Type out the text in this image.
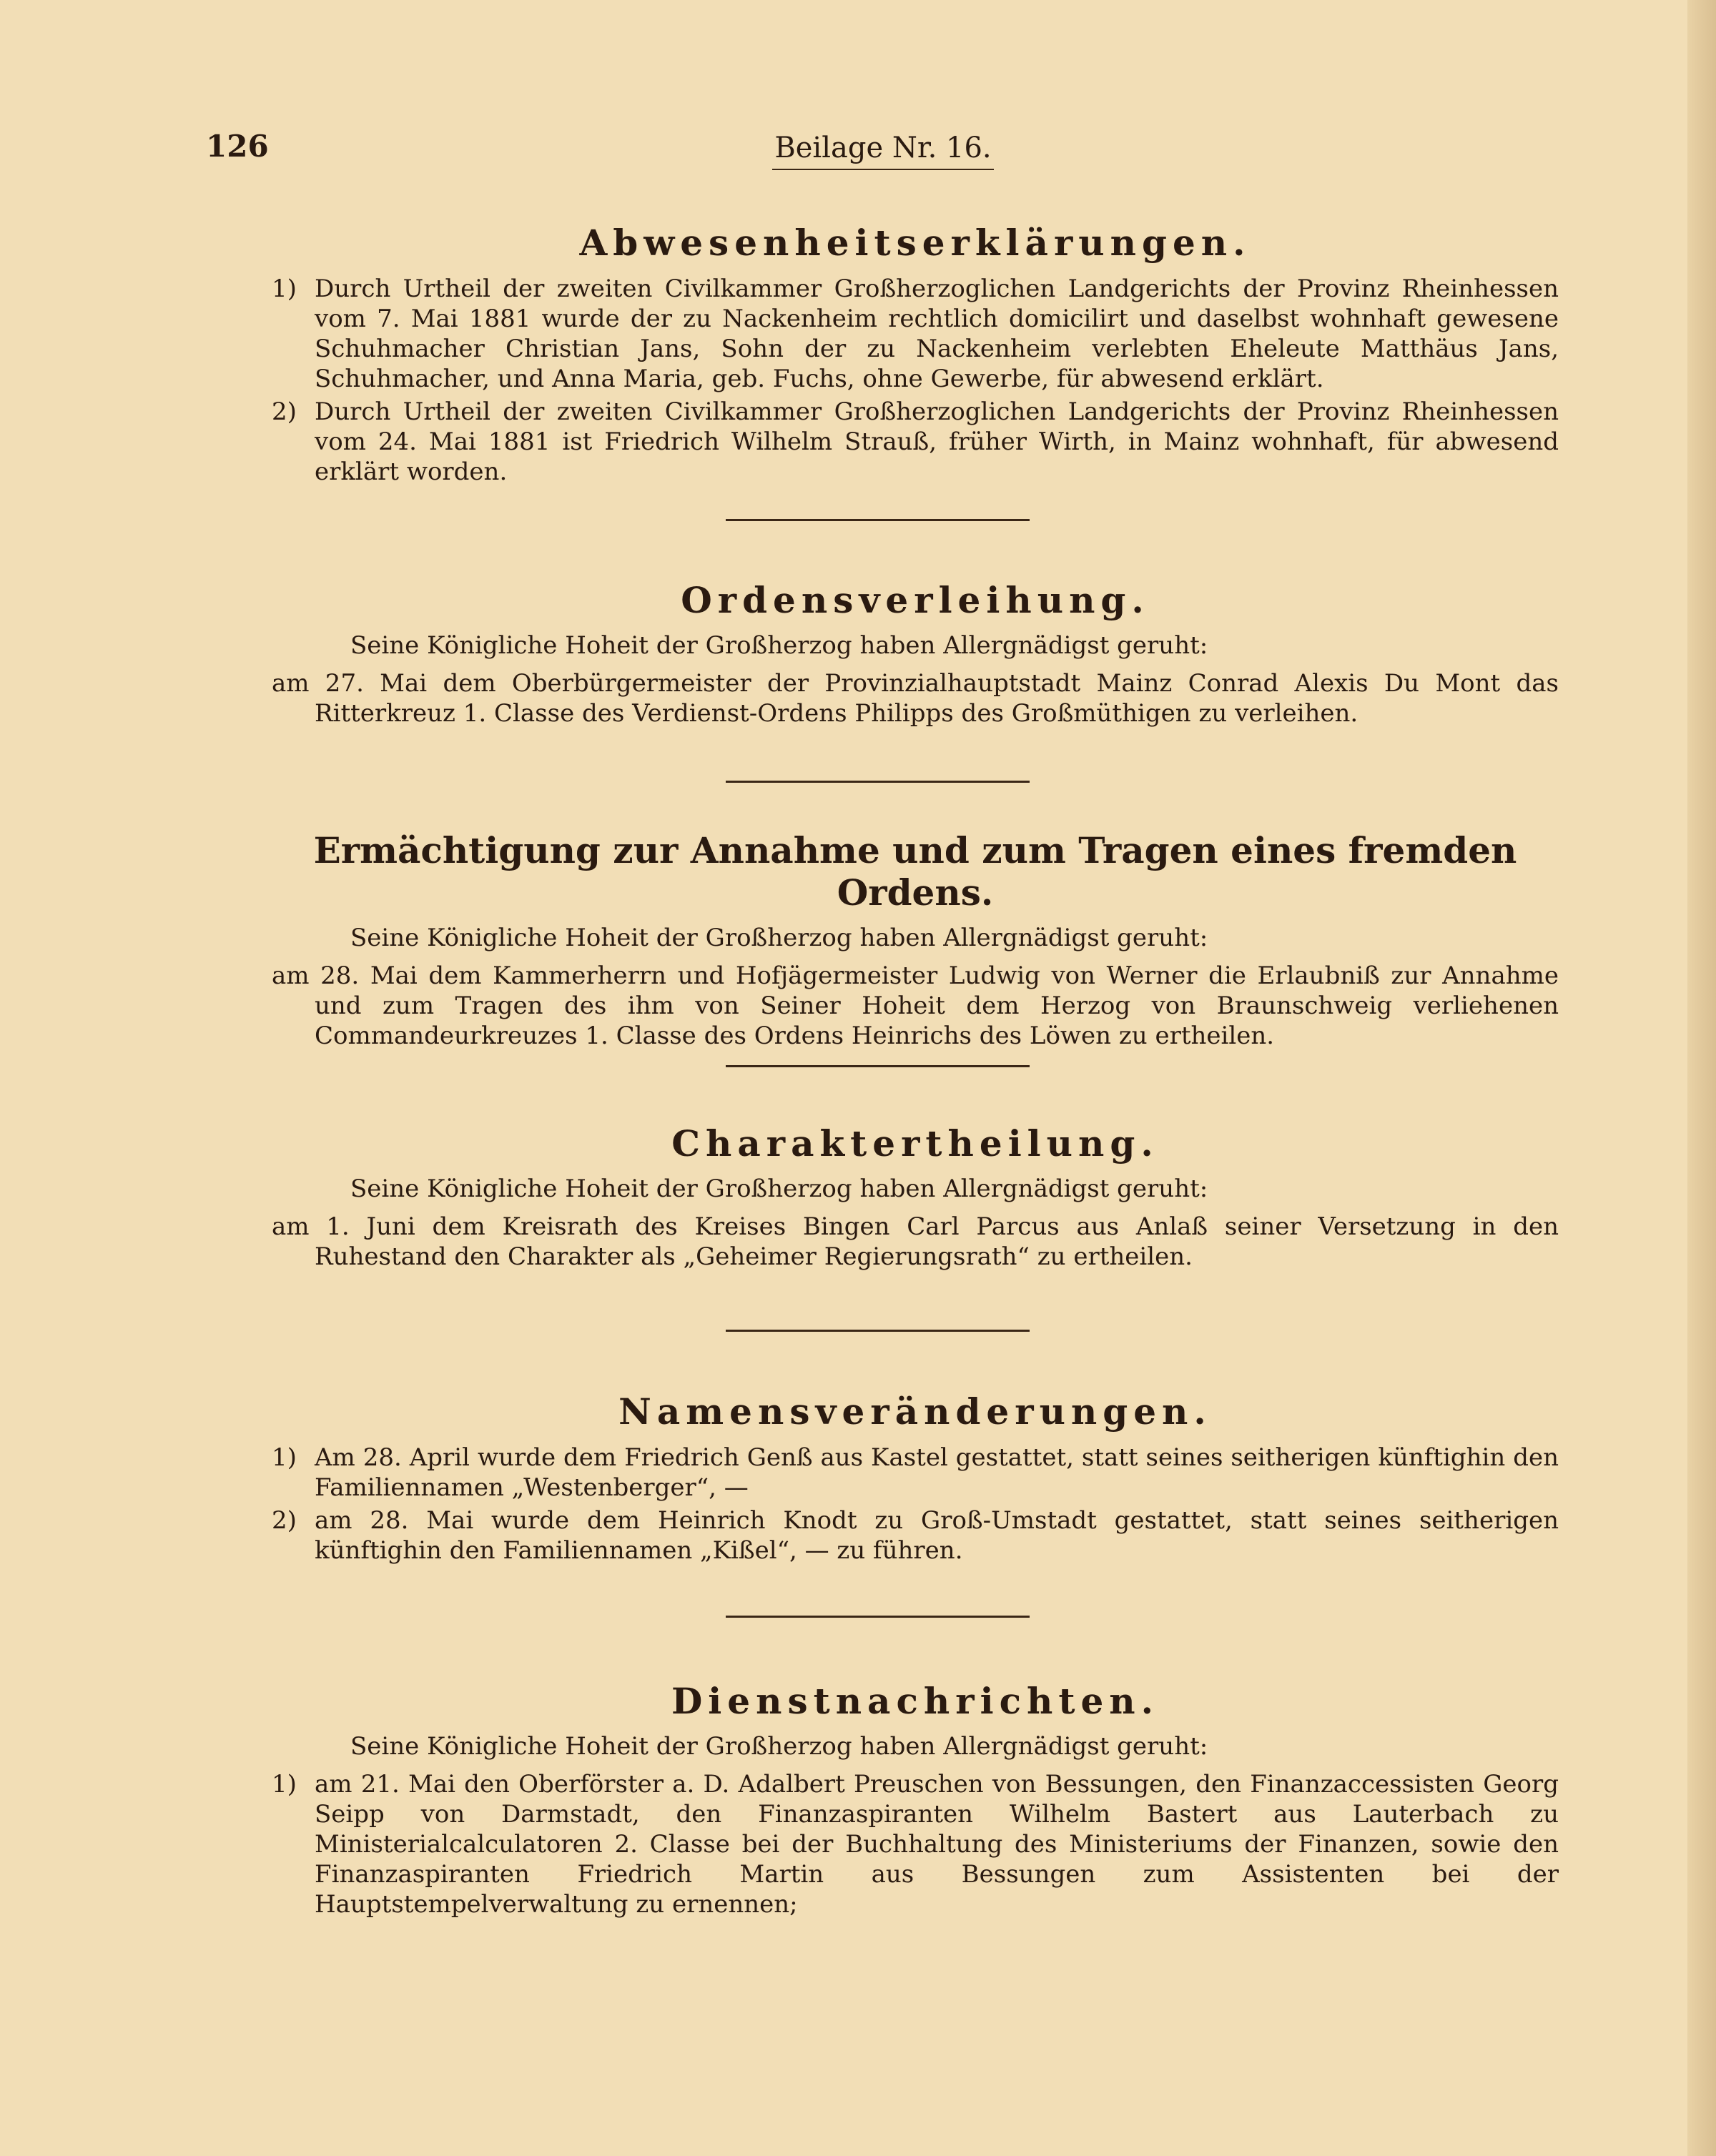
126	Beilage Nr. 16.
Abwesenheitserklärungen.
1) Durch Urtheil der zweiten Civilkammer Großherzoglichen Landgerichts der Provinz Rheinhessen vom 7. Mai 1881 wurde der zu Nackenheim rechtlich domicilirt und daselbst wohnhaft gewesene Schuhmacher Christian Jans, Sohn der zu Nackenheim verlebten Eheleute Matthäus Jans, Schuhmacher, und Anna Maria, geb. Fuchs, ohne Gewerbe, für abwesend erklärt.
2) Durch Urtheil der zweiten Civilkammer Großherzoglichen Landgerichts der Provinz Rheinhessen vom 24. Mai 1881 ist Friedrich Wilhelm Strauß, früher Wirth, in Mainz wohnhaft, für abwesend erklärt worden.
Ordensverleihung.
Seine Königliche Hoheit der Großherzog haben Allergnädigst geruht:
am 27. Mai dem Oberbürgermeister der Provinzialhauptstadt Mainz Conrad Alexis Du Mont das Ritterkreuz 1. Classe des Verdienst-Ordens Philipps des Großmüthigen zu verleihen.
Ermächtigung zur Annahme und zum Tragen eines fremden Ordens.
Seine Königliche Hoheit der Großherzog haben Allergnädigst geruht:
am 28. Mai dem Kammerherrn und Hofjägermeister Ludwig von Werner die Erlaubniß zur Annahme und zum Tragen des ihm von Seiner Hoheit dem Herzog von Braunschweig verliehenen Commandeurkreuzes 1. Classe des Ordens Heinrichs des Löwen zu ertheilen.
Charaktertheilung.
Seine Königliche Hoheit der Großherzog haben Allergnädigst geruht:
am 1. Juni dem Kreisrath des Kreises Bingen Carl Parcus aus Anlaß seiner Versetzung in den Ruhestand den Charakter als „Geheimer Regierungsrath“ zu ertheilen.
Namensveränderungen.
1) Am 28. April wurde dem Friedrich Genß aus Kastel gestattet, statt seines seitherigen künftighin den Familiennamen „Westenberger“, —
2) am 28. Mai wurde dem Heinrich Knodt zu Groß-Umstadt gestattet, statt seines seitherigen künftighin den Familiennamen „Kißel“, — zu führen.
Dienstnachrichten.
Seine Königliche Hoheit der Großherzog haben Allergnädigst geruht:
1) am 21. Mai den Oberförster a. D. Adalbert Preuschen von Bessungen, den Finanzaccessisten Georg Seipp von Darmstadt, den Finanzaspiranten Wilhelm Bastert aus Lauterbach zu Ministerialcalculatoren 2. Classe bei der Buchhaltung des Ministeriums der Finanzen, sowie den Finanzaspiranten Friedrich Martin aus Bessungen zum Assistenten bei der Hauptstempelverwaltung zu ernennen;
